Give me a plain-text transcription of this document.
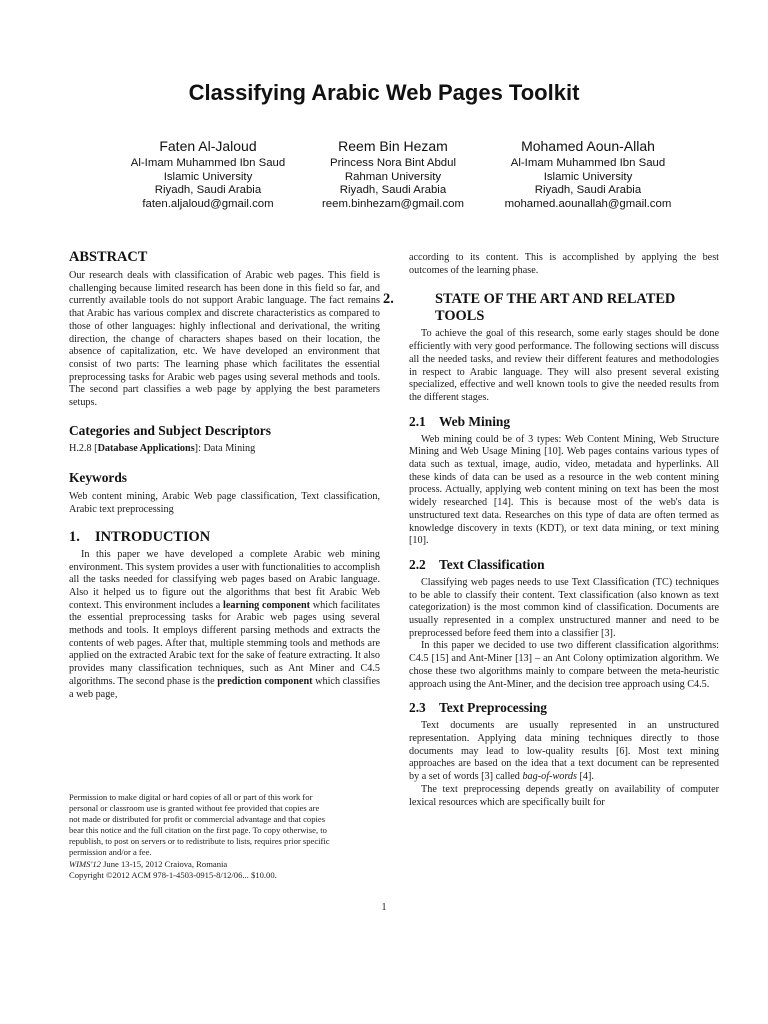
Classifying Arabic Web Pages Toolkit
Faten Al-Jaloud
Al-Imam Muhammed Ibn Saud
Islamic University
Riyadh, Saudi Arabia
faten.aljaloud@gmail.com
Reem Bin Hezam
Princess Nora Bint Abdul
Rahman University
Riyadh, Saudi Arabia
reem.binhezam@gmail.com
Mohamed Aoun-Allah
Al-Imam Muhammed Ibn Saud
Islamic University
Riyadh, Saudi Arabia
mohamed.aounallah@gmail.com
ABSTRACT

Our research deals with classification of Arabic web pages. This field is challenging because limited research has been done in this field so far, and currently available tools do not support Arabic language. The fact remains that Arabic has various complex and discrete characteristics as compared to those of other languages: highly inflectional and derivational, the writing direction, the change of characters shapes based on their location, the absence of capitalization, etc. We have developed an environment that consist of two parts: The learning phase which facilitates the essential preprocessing tasks for Arabic web pages using several methods and tools. The second part classifies a web page by applying the best parameters setups.

Categories and Subject Descriptors

H.2.8 [Database Applications]: Data Mining

Keywords

Web content mining, Arabic Web page classification, Text classification, Arabic text preprocessing

1. INTRODUCTION

In this paper we have developed a complete Arabic web mining environment. This system provides a user with functionalities to accomplish all the tasks needed for classifying web pages based on Arabic language. Also it helped us to figure out the algorithms that best fit Arabic Web context. This environment includes a learning component which facilitates the essential preprocessing tasks for Arabic web pages using several methods and tools. It employs different parsing methods and extracts the contents of web pages. After that, multiple stemming tools and methods are applied on the extracted Arabic text for the sake of feature extracting. It also provides many classification techniques, such as Ant Miner and C4.5 algorithms. The second phase is the prediction component which classifies a web page,

according to its content. This is accomplished by applying the best outcomes of the learning phase.

2.	STATE OF THE ART AND RELATED TOOLS

To achieve the goal of this research, some early stages should be done efficiently with very good performance. The following sections will discuss all the needed tasks, and review their different features and methodologies in respect to Arabic language. They will also present several existing specialized, effective and well known tools to give the needed results from the different stages.

2.1 Web Mining

Web mining could be of 3 types: Web Content Mining, Web Structure Mining and Web Usage Mining [10]. Web pages contains various types of data such as textual, image, audio, video, metadata and hyperlinks. All these kinds of data can be used as a resource in the web content mining process. Actually, applying web content mining on text has been the most widely researched [14]. This is because most of the web's data is unstructured text data. Researches on this type of data are often termed as knowledge discovery in texts (KDT), or text data mining, or text mining [10].

2.2 Text Classification

Classifying web pages needs to use Text Classification (TC) techniques to be able to classify their content. Text classification (also known as text categorization) is the most common kind of classification. Documents are usually represented in a complex unstructured manner and need to be preprocessed before feed them into a classifier [3].

In this paper we decided to use two different classification algorithms: C4.5 [15] and Ant-Miner [13] – an Ant Colony optimization algorithm. We chose these two algorithms mainly to compare between the meta-heuristic approach using the Ant-Miner, and the decision tree approach using C4.5.

2.3 Text Preprocessing

Text documents are usually represented in an unstructured representation. Applying data mining techniques directly to those documents may lead to low-quality results [6]. Most text mining approaches are based on the idea that a text document can be represented by a set of words [3] called bag-of-words [4].

The text preprocessing depends greatly on availability of computer lexical resources which are specifically built for

Permission to make digital or hard copies of all or part of this work for
personal or classroom use is granted without fee provided that copies are
not made or distributed for profit or commercial advantage and that copies
bear this notice and the full citation on the first page. To copy otherwise, to
republish, to post on servers or to redistribute to lists, requires prior specific
permission and/or a fee.
WIMS'12 June 13-15, 2012 Craiova, Romania
Copyright ©2012 ACM 978-1-4503-0915-8/12/06... $10.00.
1
